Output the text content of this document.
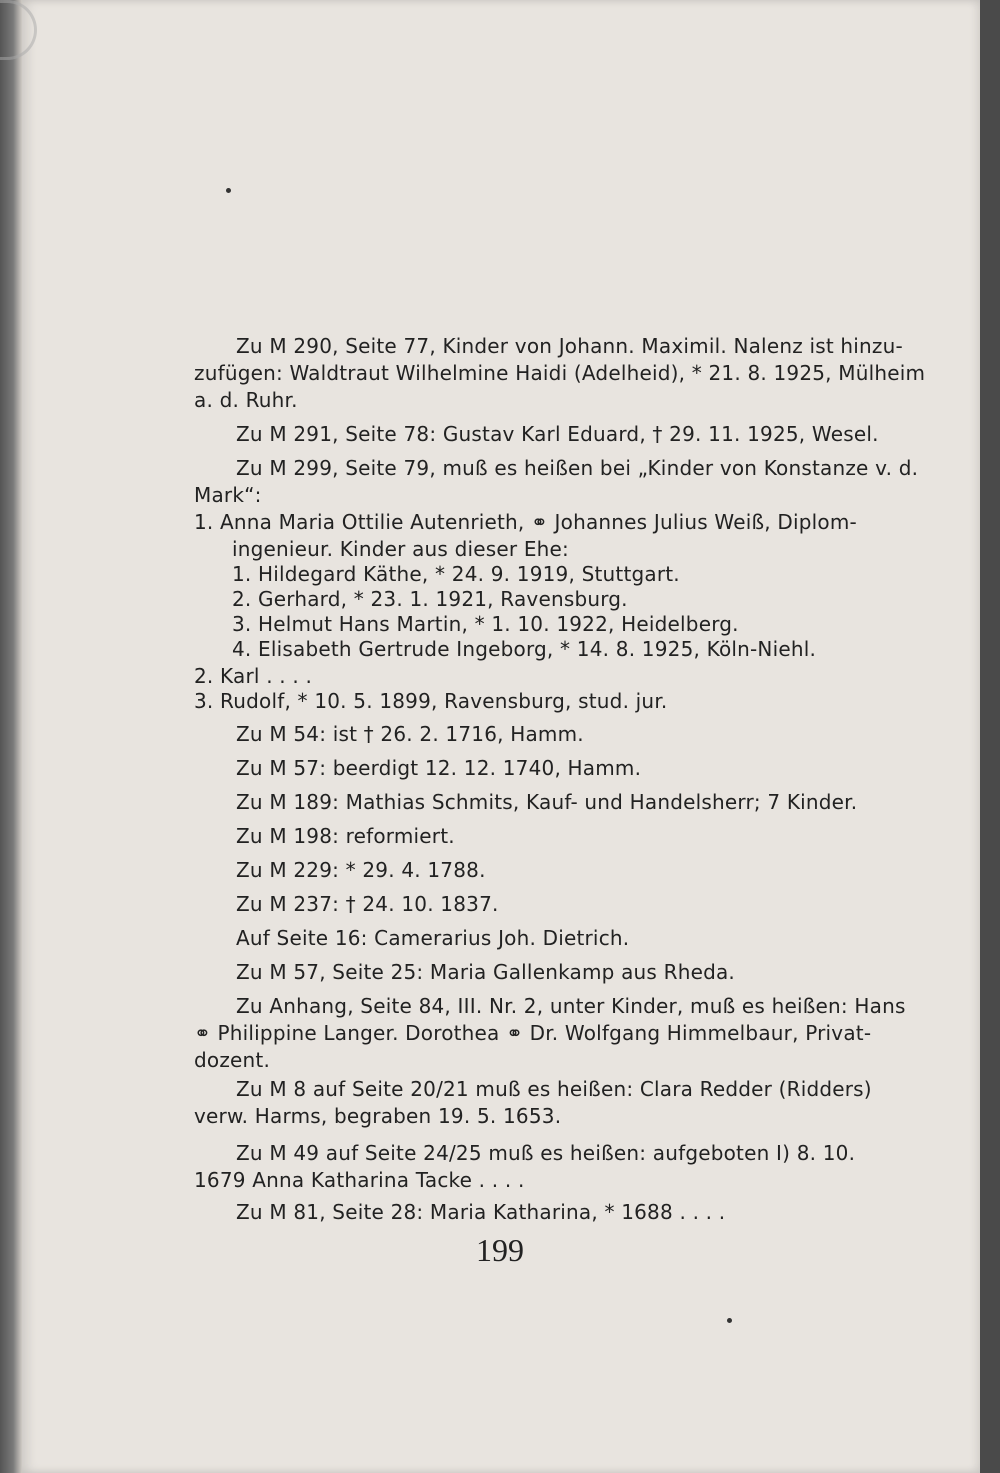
Zu M 290, Seite 77, Kinder von Johann. Maximil. Nalenz ist hinzu-
zufügen: Waldtraut Wilhelmine Haidi (Adelheid), * 21. 8. 1925, Mülheim
a. d. Ruhr.
Zu M 291, Seite 78: Gustav Karl Eduard, † 29. 11. 1925, Wesel.
Zu M 299, Seite 79, muß es heißen bei „Kinder von Konstanze v. d.
Mark“:
1. Anna Maria Ottilie Autenrieth, ⚭ Johannes Julius Weiß, Diplom-
ingenieur. Kinder aus dieser Ehe:
1. Hildegard Käthe, * 24. 9. 1919, Stuttgart.
2. Gerhard, * 23. 1. 1921, Ravensburg.
3. Helmut Hans Martin, * 1. 10. 1922, Heidelberg.
4. Elisabeth Gertrude Ingeborg, * 14. 8. 1925, Köln-Niehl.
2. Karl . . . .
3. Rudolf, * 10. 5. 1899, Ravensburg, stud. jur.
Zu M 54: ist † 26. 2. 1716, Hamm.
Zu M 57: beerdigt 12. 12. 1740, Hamm.
Zu M 189: Mathias Schmits, Kauf- und Handelsherr; 7 Kinder.
Zu M 198: reformiert.
Zu M 229: * 29. 4. 1788.
Zu M 237: † 24. 10. 1837.
Auf Seite 16: Camerarius Joh. Dietrich.
Zu M 57, Seite 25: Maria Gallenkamp aus Rheda.
Zu Anhang, Seite 84, III. Nr. 2, unter Kinder, muß es heißen: Hans
⚭ Philippine Langer. Dorothea ⚭ Dr. Wolfgang Himmelbaur, Privat-
dozent.
Zu M 8 auf Seite 20/21 muß es heißen: Clara Redder (Ridders)
verw. Harms, begraben 19. 5. 1653.
Zu M 49 auf Seite 24/25 muß es heißen: aufgeboten I) 8. 10.
1679 Anna Katharina Tacke . . . .
Zu M 81, Seite 28: Maria Katharina, * 1688 . . . .
199
